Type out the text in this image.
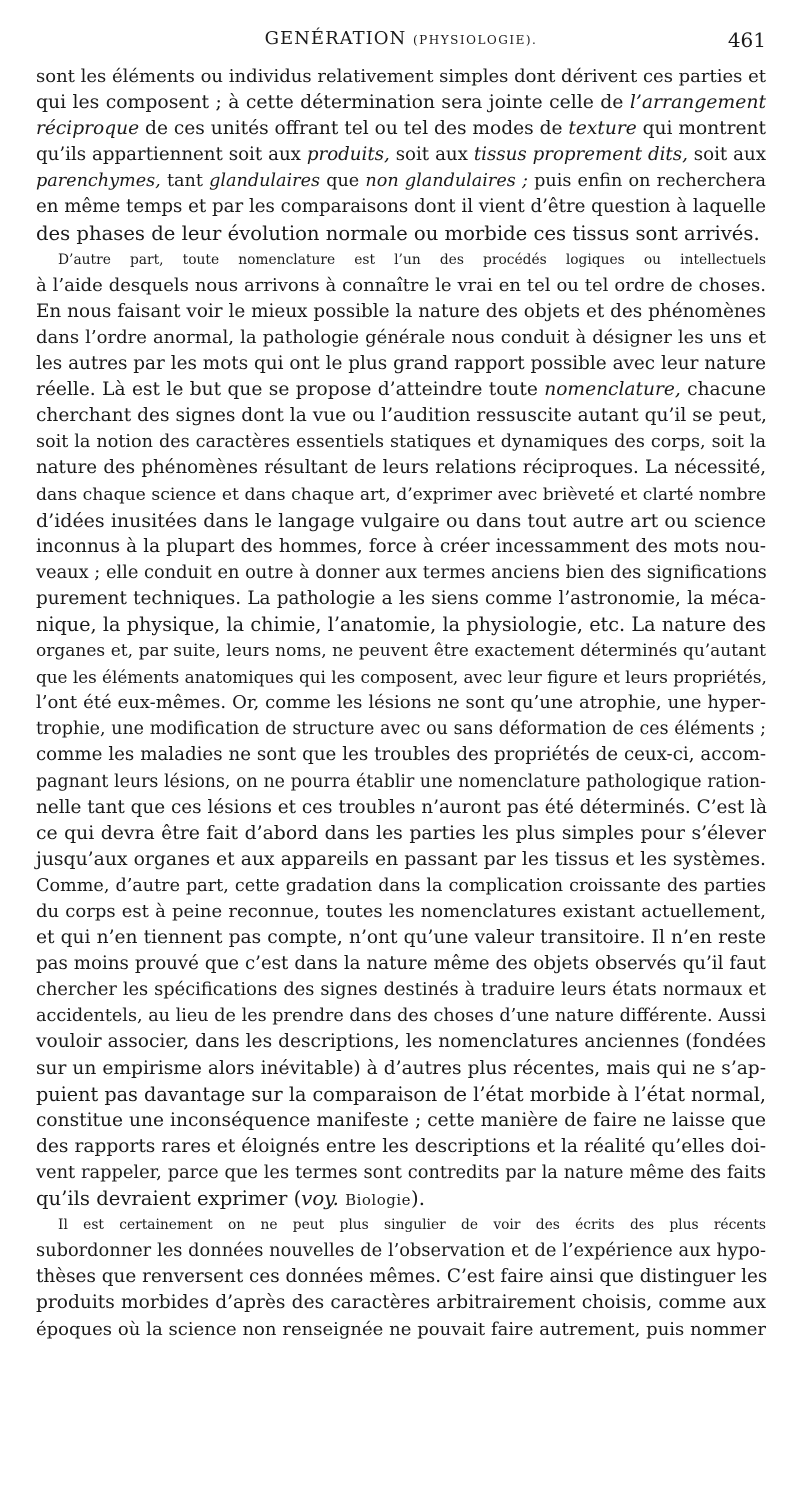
GENÉRATION (PHYSIOLOGIE).	461
sont les éléments ou individus relativement simples dont dérivent ces parties et
qui les composent ; à cette détermination sera jointe celle de l’arrangement
réciproque de ces unités offrant tel ou tel des modes de texture qui montrent
qu’ils appartiennent soit aux produits, soit aux tissus proprement dits, soit aux
parenchymes, tant glandulaires que non glandulaires ; puis enfin on recherchera
en même temps et par les comparaisons dont il vient d’être question à laquelle
des phases de leur évolution normale ou morbide ces tissus sont arrivés.
D’autre part, toute nomenclature est l’un des procédés logiques ou intellectuels
à l’aide desquels nous arrivons à connaître le vrai en tel ou tel ordre de choses.
En nous faisant voir le mieux possible la nature des objets et des phénomènes
dans l’ordre anormal, la pathologie générale nous conduit à désigner les uns et
les autres par les mots qui ont le plus grand rapport possible avec leur nature
réelle. Là est le but que se propose d’atteindre toute nomenclature, chacune
cherchant des signes dont la vue ou l’audition ressuscite autant qu’il se peut,
soit la notion des caractères essentiels statiques et dynamiques des corps, soit la
nature des phénomènes résultant de leurs relations réciproques. La nécessité,
dans chaque science et dans chaque art, d’exprimer avec brièveté et clarté nombre
d’idées inusitées dans le langage vulgaire ou dans tout autre art ou science
inconnus à la plupart des hommes, force à créer incessamment des mots nou-
veaux ; elle conduit en outre à donner aux termes anciens bien des significations
purement techniques. La pathologie a les siens comme l’astronomie, la méca-
nique, la physique, la chimie, l’anatomie, la physiologie, etc. La nature des
organes et, par suite, leurs noms, ne peuvent être exactement déterminés qu’autant
que les éléments anatomiques qui les composent, avec leur figure et leurs propriétés,
l’ont été eux-mêmes. Or, comme les lésions ne sont qu’une atrophie, une hyper-
trophie, une modification de structure avec ou sans déformation de ces éléments ;
comme les maladies ne sont que les troubles des propriétés de ceux-ci, accom-
pagnant leurs lésions, on ne pourra établir une nomenclature pathologique ration-
nelle tant que ces lésions et ces troubles n’auront pas été déterminés. C’est là
ce qui devra être fait d’abord dans les parties les plus simples pour s’élever
jusqu’aux organes et aux appareils en passant par les tissus et les systèmes.
Comme, d’autre part, cette gradation dans la complication croissante des parties
du corps est à peine reconnue, toutes les nomenclatures existant actuellement,
et qui n’en tiennent pas compte, n’ont qu’une valeur transitoire. Il n’en reste
pas moins prouvé que c’est dans la nature même des objets observés qu’il faut
chercher les spécifications des signes destinés à traduire leurs états normaux et
accidentels, au lieu de les prendre dans des choses d’une nature différente. Aussi
vouloir associer, dans les descriptions, les nomenclatures anciennes (fondées
sur un empirisme alors inévitable) à d’autres plus récentes, mais qui ne s’ap-
puient pas davantage sur la comparaison de l’état morbide à l’état normal,
constitue une inconséquence manifeste ; cette manière de faire ne laisse que
des rapports rares et éloignés entre les descriptions et la réalité qu’elles doi-
vent rappeler, parce que les termes sont contredits par la nature même des faits
qu’ils devraient exprimer (voy. Biologie).
Il est certainement on ne peut plus singulier de voir des écrits des plus récents
subordonner les données nouvelles de l’observation et de l’expérience aux hypo-
thèses que renversent ces données mêmes. C’est faire ainsi que distinguer les
produits morbides d’après des caractères arbitrairement choisis, comme aux
époques où la science non renseignée ne pouvait faire autrement, puis nommer
